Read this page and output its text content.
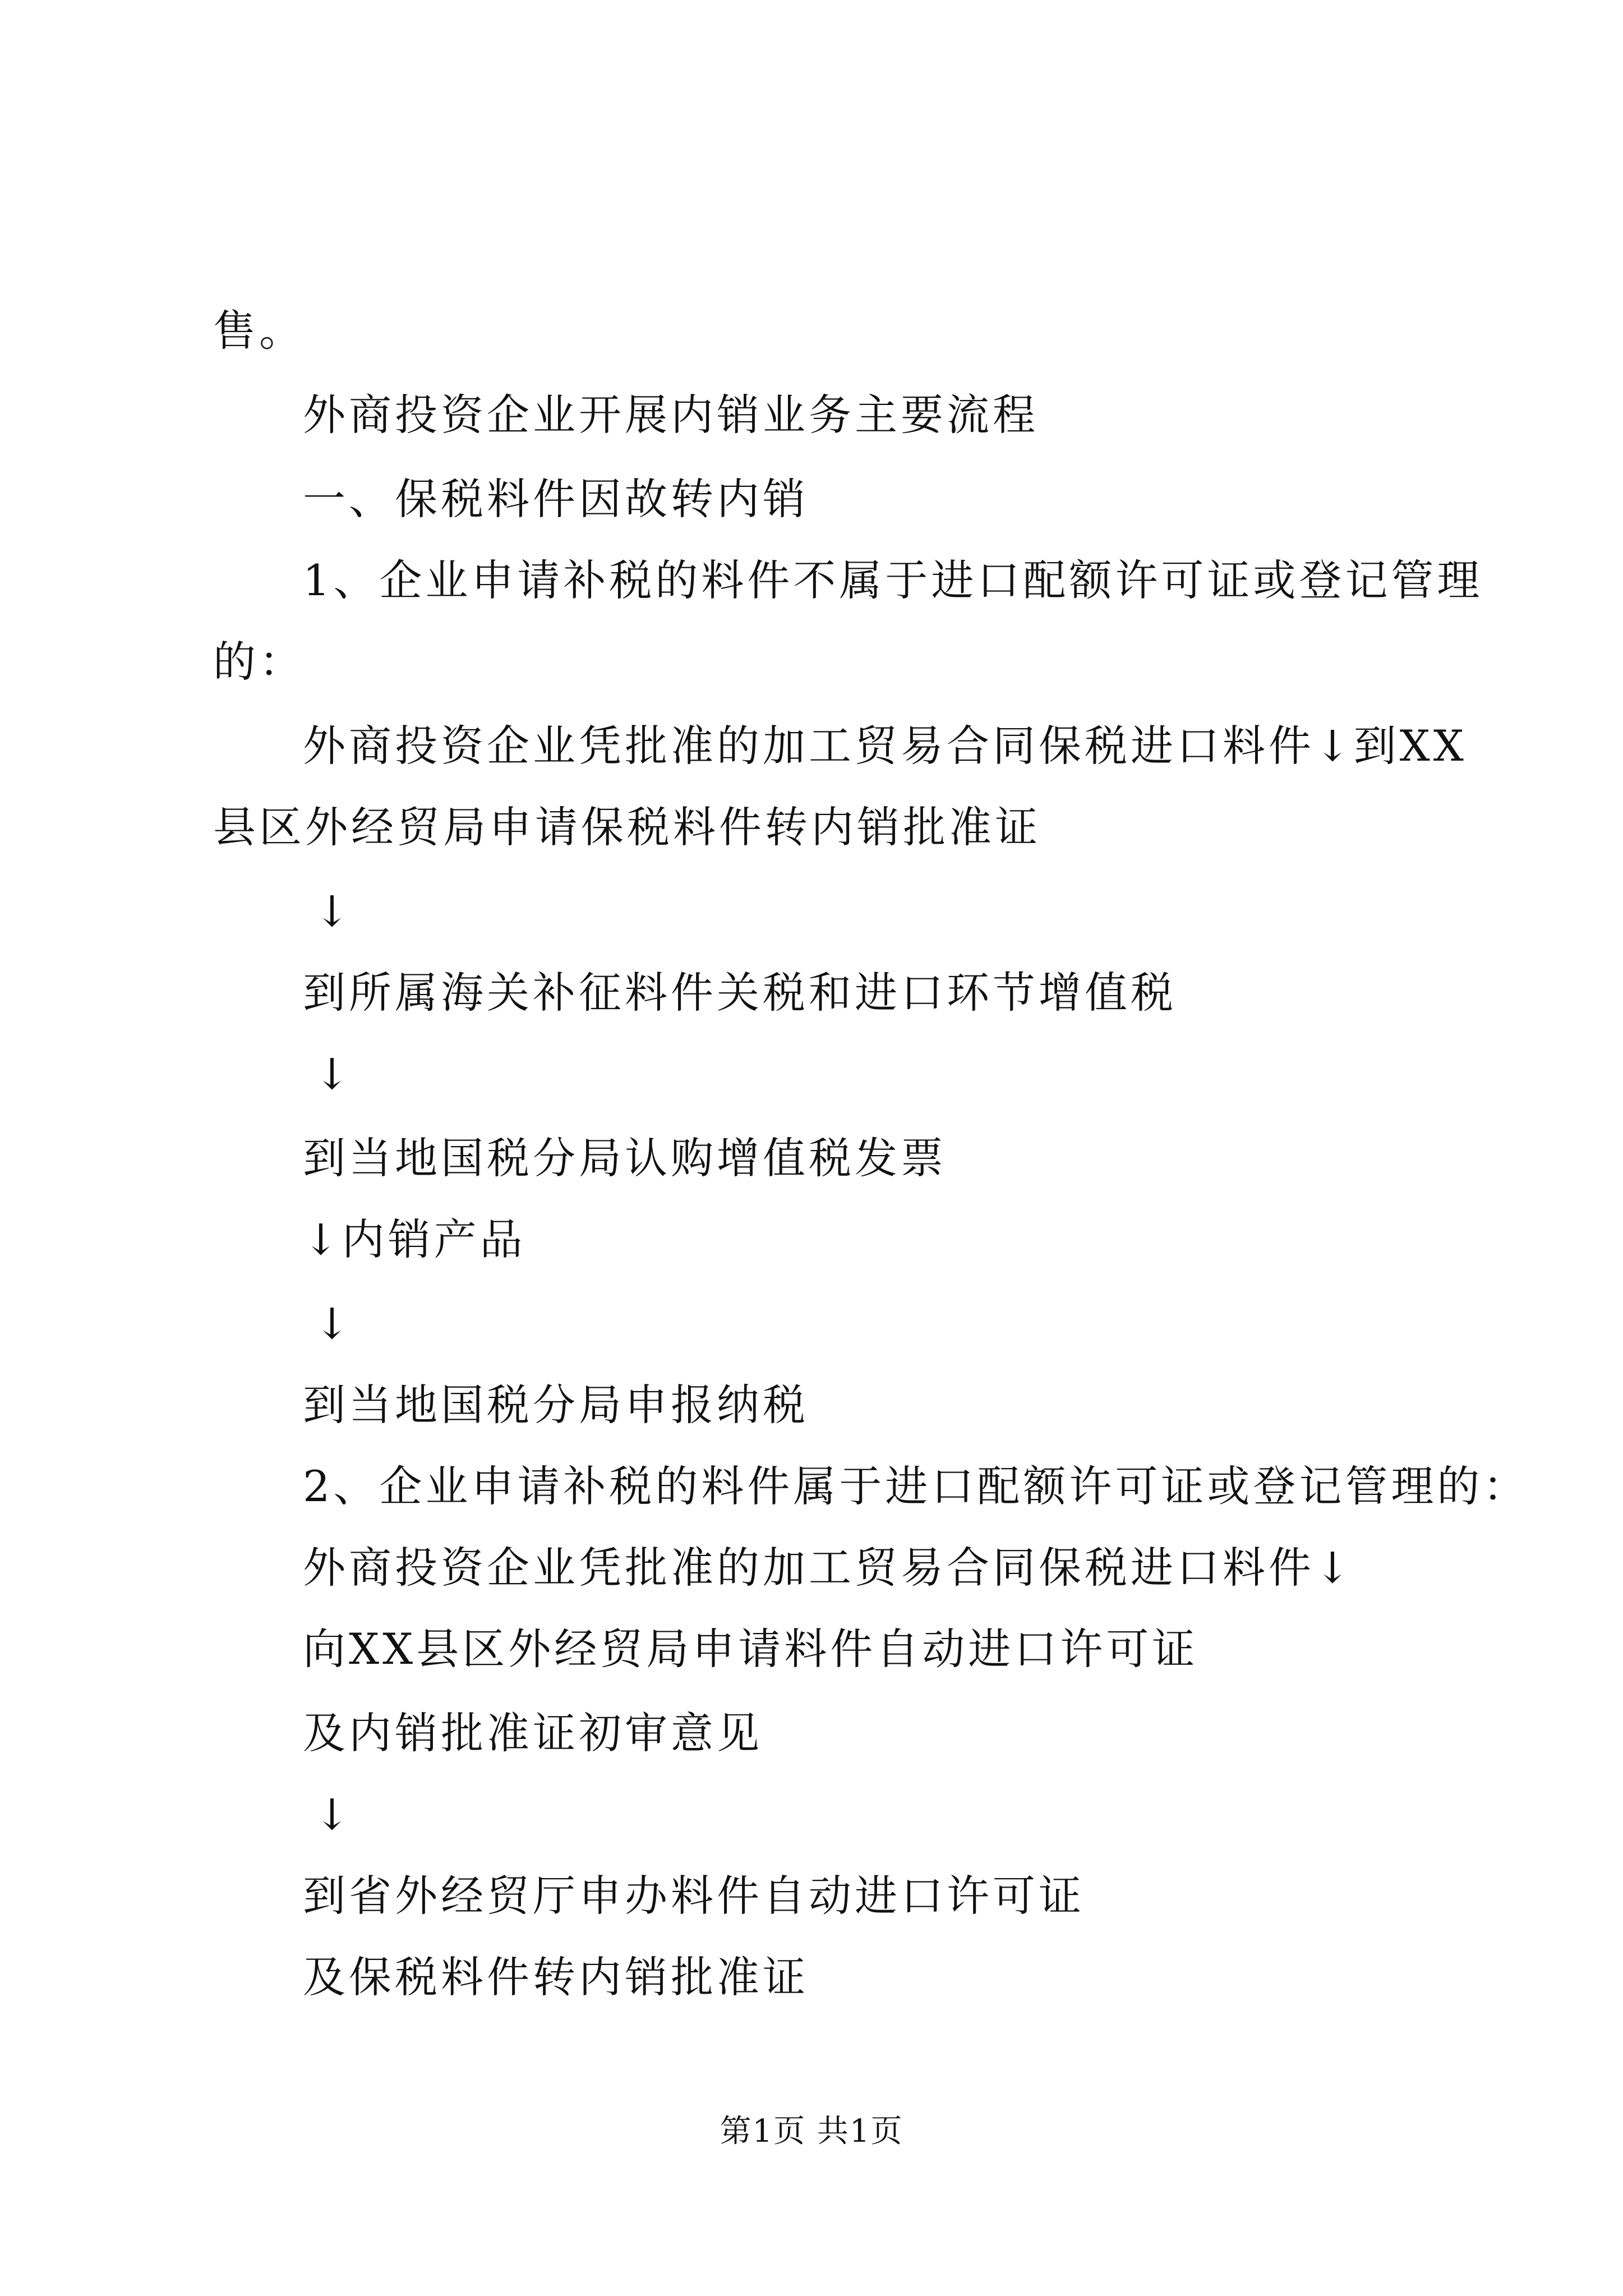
售。
外商投资企业开展内销业务主要流程
一、保税料件因故转内销
1、企业申请补税的料件不属于进口配额许可证或登记管理
的：
外商投资企业凭批准的加工贸易合同保税进口料件↓到XX
县区外经贸局申请保税料件转内销批准证
↓
到所属海关补征料件关税和进口环节增值税
↓
到当地国税分局认购增值税发票
↓内销产品
↓
到当地国税分局申报纳税
2、企业申请补税的料件属于进口配额许可证或登记管理的：
外商投资企业凭批准的加工贸易合同保税进口料件↓
向XX县区外经贸局申请料件自动进口许可证
及内销批准证初审意见
↓
到省外经贸厅申办料件自动进口许可证
及保税料件转内销批准证
第1页 共1页
